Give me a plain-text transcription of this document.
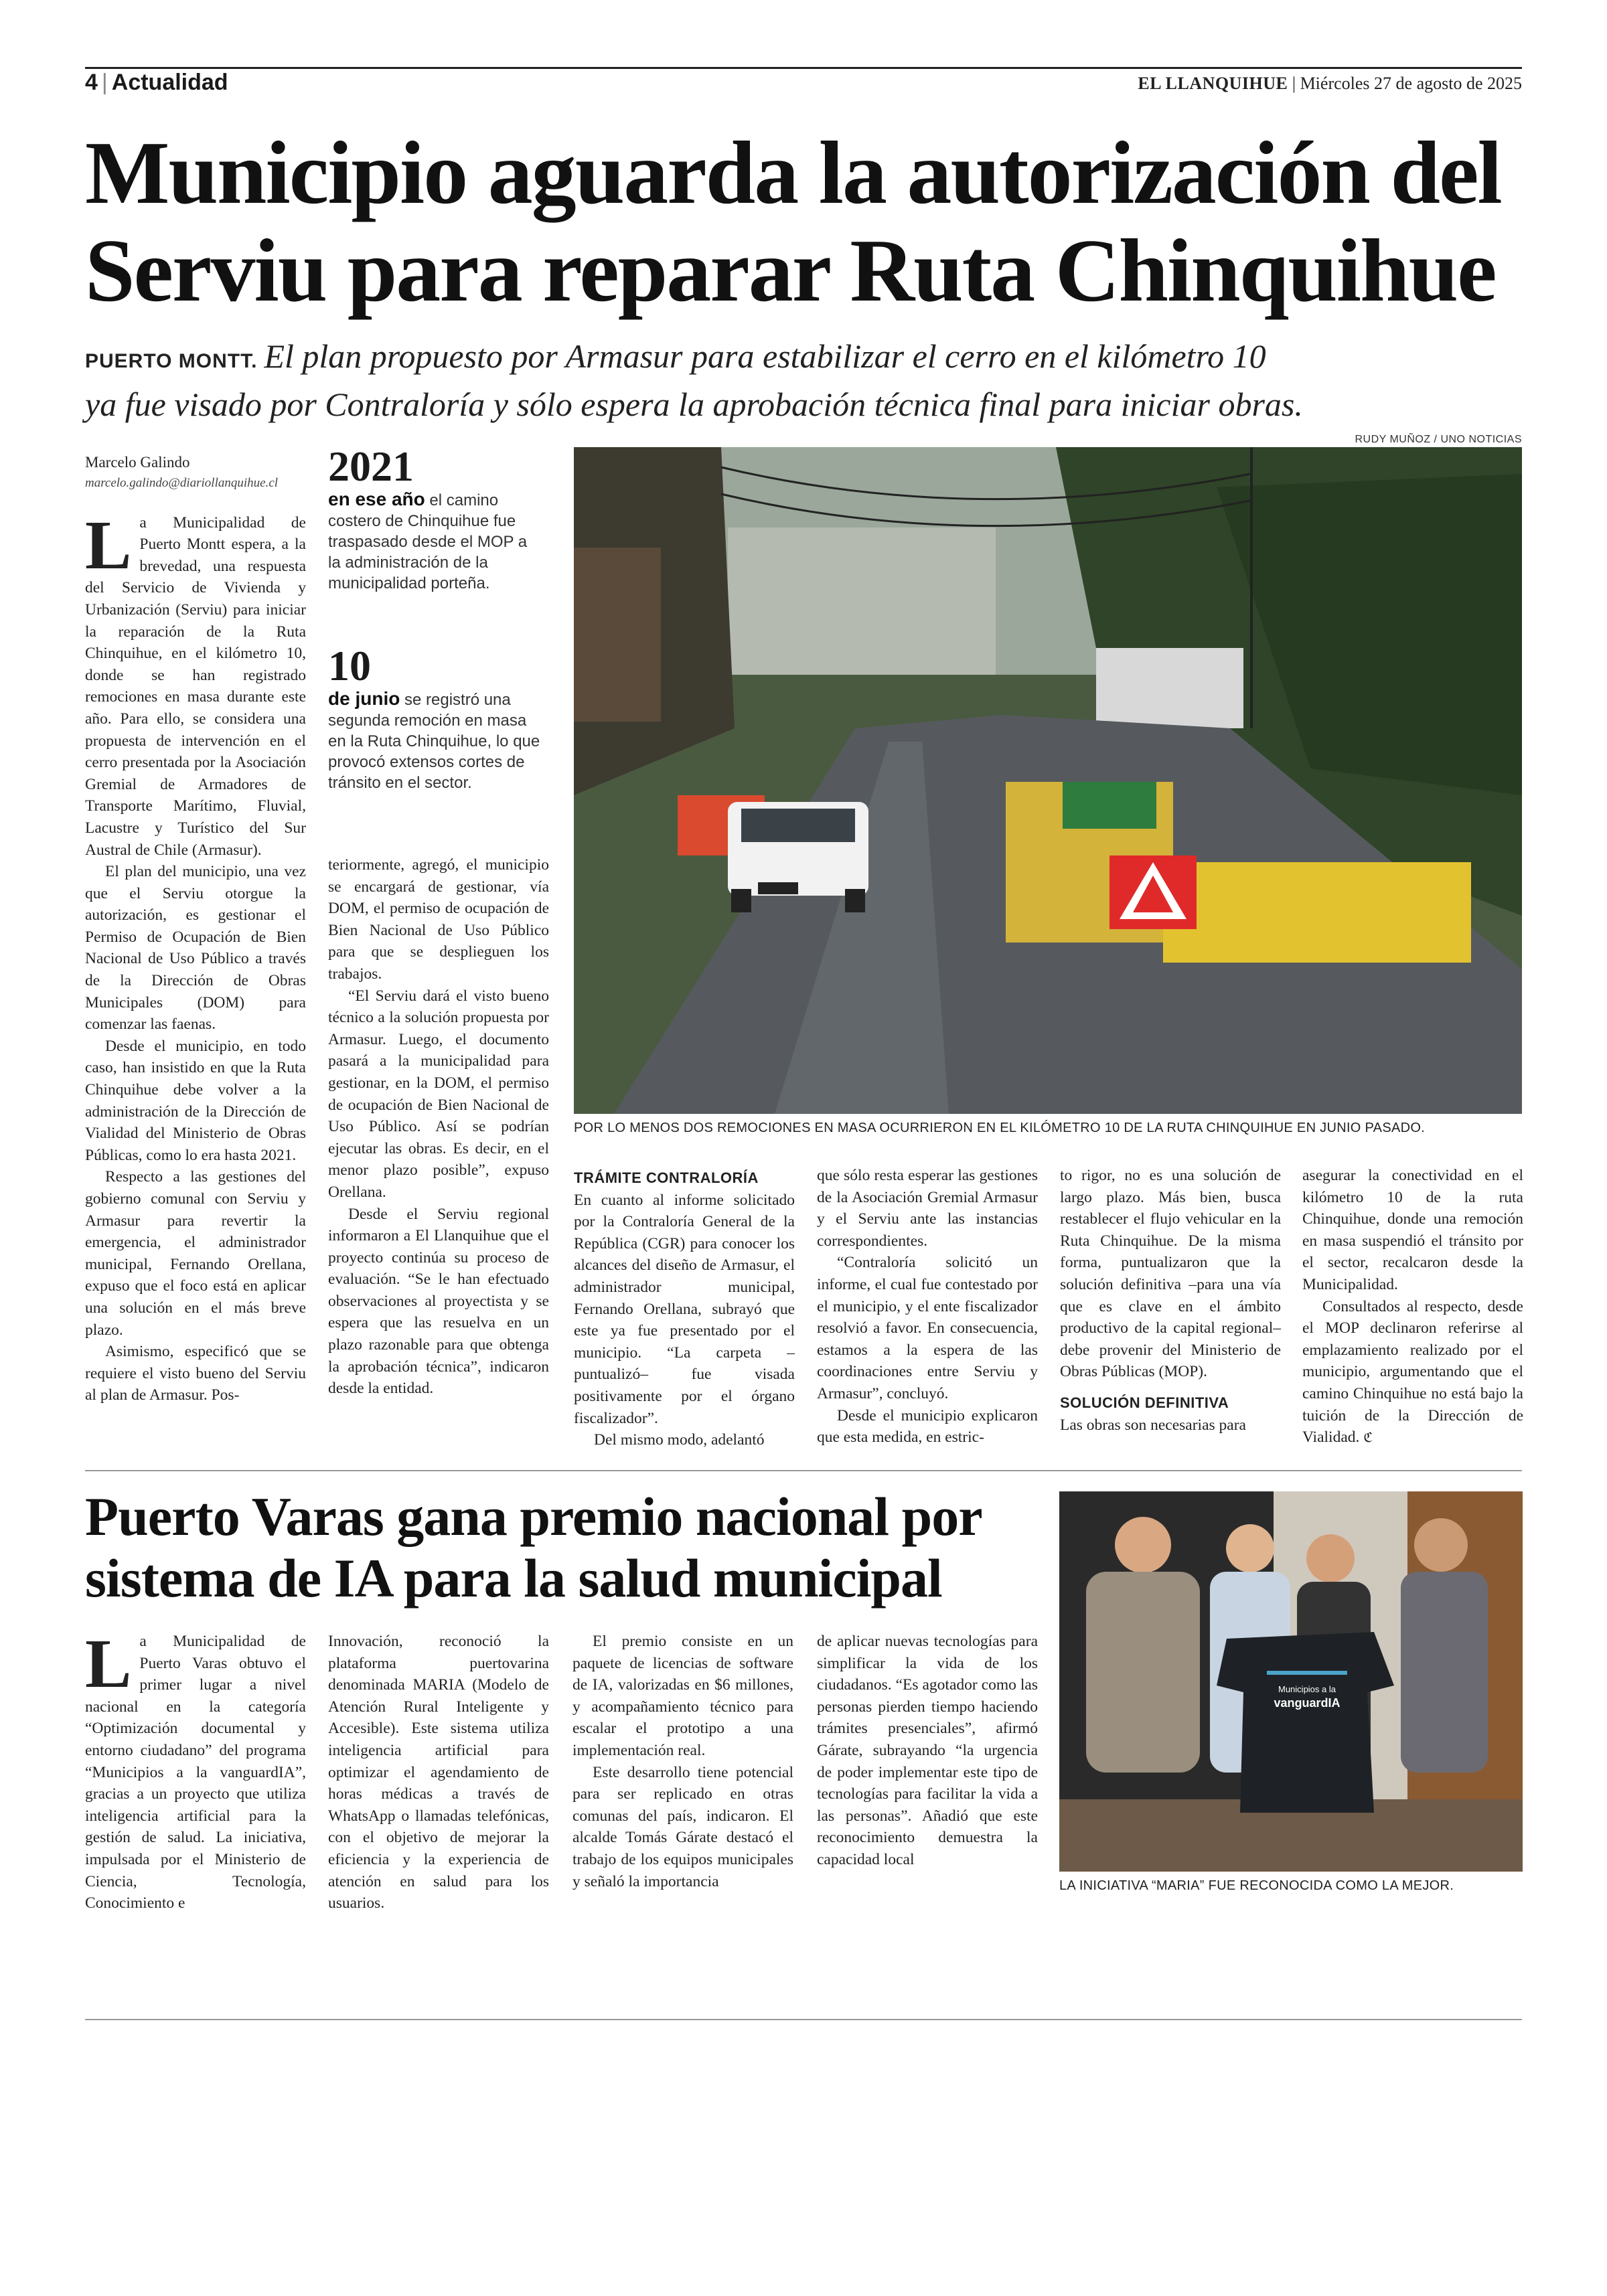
4 | Actualidad	EL LLANQUIHUE | Miércoles 27 de agosto de 2025
Municipio aguarda la autorización del
Serviu para reparar Ruta Chinquihue
PUERTO MONTT. El plan propuesto por Armasur para estabilizar el cerro en el kilómetro 10
ya fue visado por Contraloría y sólo espera la aprobación técnica final para iniciar obras.
Marcelo Galindo
marcelo.galindo@diariollanquihue.cl

La Municipalidad de Puerto Montt espera, a la brevedad, una respuesta del Servicio de Vivienda y Urbanización (Serviu) para iniciar la reparación de la Ruta Chinquihue, en el kilómetro 10, donde se han registrado remociones en masa durante este año. Para ello, se considera una propuesta de intervención en el cerro presentada por la Asociación Gremial de Armadores de Transporte Marítimo, Fluvial, Lacustre y Turístico del Sur Austral de Chile (Armasur).

El plan del municipio, una vez que el Serviu otorgue la autorización, es gestionar el Permiso de Ocupación de Bien Nacional de Uso Público a través de la Dirección de Obras Municipales (DOM) para comenzar las faenas.

Desde el municipio, en todo caso, han insistido en que la Ruta Chinquihue debe volver a la administración de la Dirección de Vialidad del Ministerio de Obras Públicas, como lo era hasta 2021.

Respecto a las gestiones del gobierno comunal con Serviu y Armasur para revertir la emergencia, el administrador municipal, Fernando Orellana, expuso que el foco está en aplicar una solución en el más breve plazo.

Asimismo, especificó que se requiere el visto bueno del Serviu al plan de Armasur. Pos-

2021
en ese año el camino costero de Chinquihue fue traspasado desde el MOP a la administración de la municipalidad porteña.
10
de junio se registró una segunda remoción en masa en la Ruta Chinquihue, lo que provocó extensos cortes de tránsito en el sector.

teriormente, agregó, el municipio se encargará de gestionar, vía DOM, el permiso de ocupación de Bien Nacional de Uso Público para que se desplieguen los trabajos.

“El Serviu dará el visto bueno técnico a la solución propuesta por Armasur. Luego, el documento pasará a la municipalidad para gestionar, en la DOM, el permiso de ocupación de Bien Nacional de Uso Público. Así se podrían ejecutar las obras. Es decir, en el menor plazo posible”, expuso Orellana.

Desde el Serviu regional informaron a El Llanquihue que el proyecto continúa su proceso de evaluación. “Se le han efectuado observaciones al proyectista y se espera que las resuelva en un plazo razonable para que obtenga la aprobación técnica”, indicaron desde la entidad.

RUDY MUÑOZ / UNO NOTICIAS
POR LO MENOS DOS REMOCIONES EN MASA OCURRIERON EN EL KILÓMETRO 10 DE LA RUTA CHINQUIHUE EN JUNIO PASADO.

TRÁMITE CONTRALORÍA

En cuanto al informe solicitado por la Contraloría General de la República (CGR) para conocer los alcances del diseño de Armasur, el administrador municipal, Fernando Orellana, subrayó que este ya fue presentado por el municipio. “La carpeta –puntualizó– fue visada positivamente por el órgano fiscalizador”.

Del mismo modo, adelantó

que sólo resta esperar las gestiones de la Asociación Gremial Armasur y el Serviu ante las instancias correspondientes.

“Contraloría solicitó un informe, el cual fue contestado por el municipio, y el ente fiscalizador resolvió a favor. En consecuencia, estamos a la espera de las coordinaciones entre Serviu y Armasur”, concluyó.

Desde el municipio explicaron que esta medida, en estric-

to rigor, no es una solución de largo plazo. Más bien, busca restablecer el flujo vehicular en la Ruta Chinquihue. De la misma forma, puntualizaron que la solución definitiva –para una vía que es clave en el ámbito productivo de la capital regional– debe provenir del Ministerio de Obras Públicas (MOP).

SOLUCIÓN DEFINITIVA

Las obras son necesarias para

asegurar la conectividad en el kilómetro 10 de la ruta Chinquihue, donde una remoción en masa suspendió el tránsito por el sector, recalcaron desde la Municipalidad.

Consultados al respecto, desde el MOP declinaron referirse al emplazamiento realizado por el municipio, argumentando que el camino Chinquihue no está bajo la tuición de la Dirección de Vialidad. ℭ

Puerto Varas gana premio nacional por
sistema de IA para la salud municipal

La Municipalidad de Puerto Varas obtuvo el primer lugar a nivel nacional en la categoría “Optimización documental y entorno ciudadano” del programa “Municipios a la vanguardIA”, gracias a un proyecto que utiliza inteligencia artificial para la gestión de salud. La iniciativa, impulsada por el Ministerio de Ciencia, Tecnología, Conocimiento e

Innovación, reconoció la plataforma puertovarina denominada MARIA (Modelo de Atención Rural Inteligente y Accesible). Este sistema utiliza inteligencia artificial para optimizar el agendamiento de horas médicas a través de WhatsApp o llamadas telefónicas, con el objetivo de mejorar la eficiencia y la experiencia de atención en salud para los usuarios.

El premio consiste en un paquete de licencias de software de IA, valorizadas en $6 millones, y acompañamiento técnico para escalar el prototipo a una implementación real.

Este desarrollo tiene potencial para ser replicado en otras comunas del país, indicaron. El alcalde Tomás Gárate destacó el trabajo de los equipos municipales y señaló la importancia

de aplicar nuevas tecnologías para simplificar la vida de los ciudadanos. “Es agotador como las personas pierden tiempo haciendo trámites presenciales”, afirmó Gárate, subrayando “la urgencia de poder implementar este tipo de tecnologías para facilitar la vida a las personas”. Añadió que este reconocimiento demuestra la capacidad local

Municipios a la
vanguardIA
LA INICIATIVA “MARIA” FUE RECONOCIDA COMO LA MEJOR.
